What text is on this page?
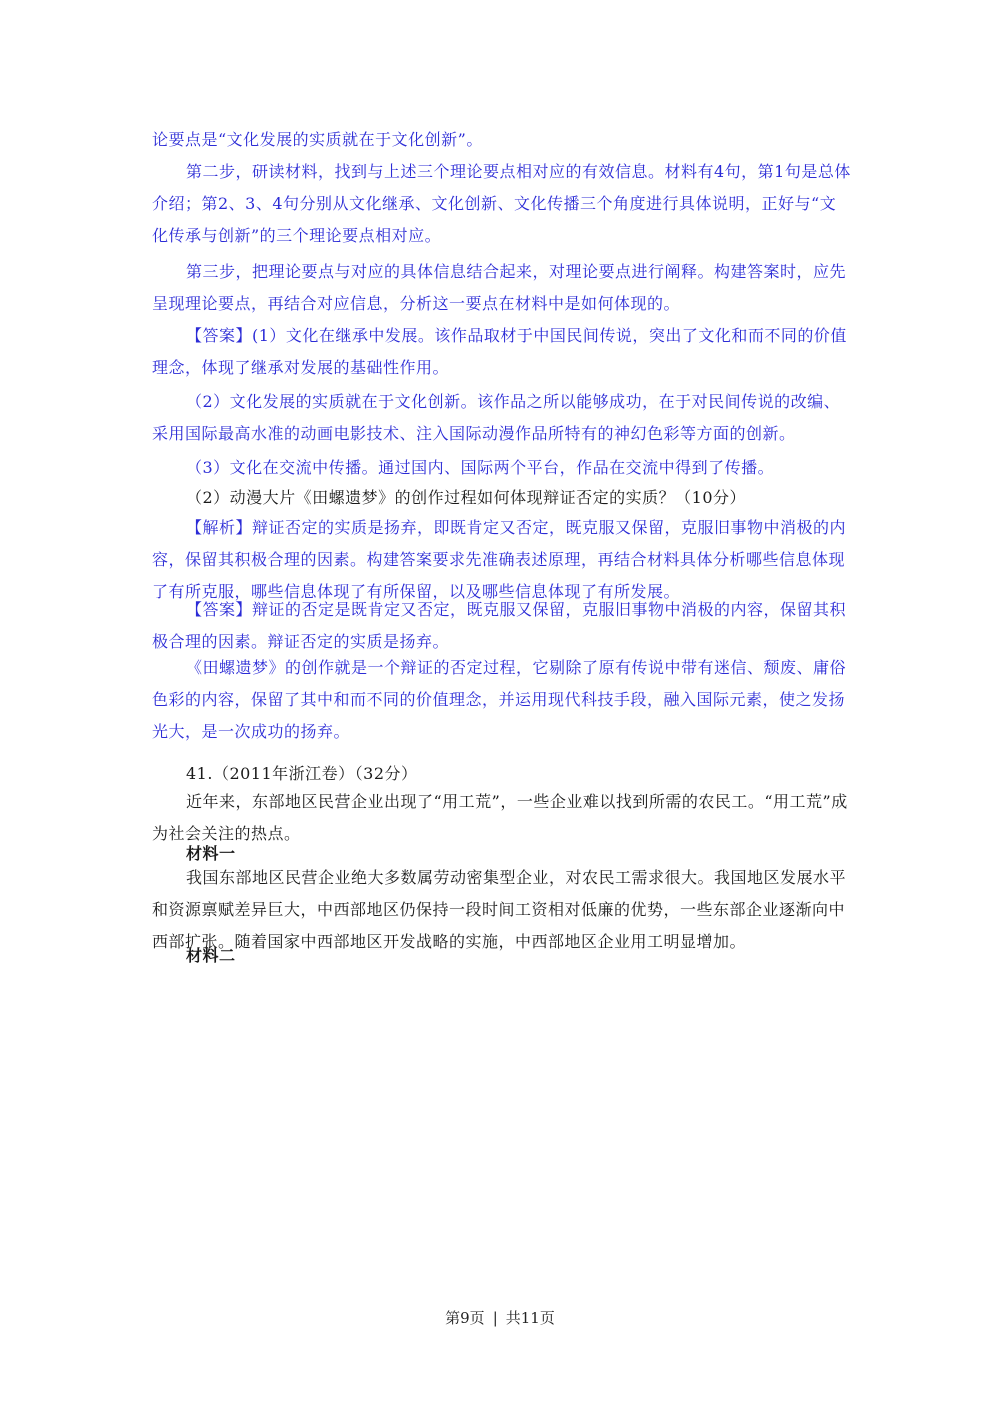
论要点是“文化发展的实质就在于文化创新”。

第二步，研读材料，找到与上述三个理论要点相对应的有效信息。材料有4句，第1句是总体介绍；第2、3、4句分别从文化继承、文化创新、文化传播三个角度进行具体说明，正好与“文化传承与创新”的三个理论要点相对应。

第三步，把理论要点与对应的具体信息结合起来，对理论要点进行阐释。构建答案时，应先呈现理论要点，再结合对应信息，分析这一要点在材料中是如何体现的。

【答案】(1）文化在继承中发展。该作品取材于中国民间传说，突出了文化和而不同的价值理念，体现了继承对发展的基础性作用。

（2）文化发展的实质就在于文化创新。该作品之所以能够成功，在于对民间传说的改编、采用国际最高水准的动画电影技术、注入国际动漫作品所特有的神幻色彩等方面的创新。

（3）文化在交流中传播。通过国内、国际两个平台，作品在交流中得到了传播。

（2）动漫大片《田螺遗梦》的创作过程如何体现辩证否定的实质？（10分）

【解析】辩证否定的实质是扬弃，即既肯定又否定，既克服又保留，克服旧事物中消极的内容，保留其积极合理的因素。构建答案要求先准确表述原理，再结合材料具体分析哪些信息体现了有所克服，哪些信息体现了有所保留，以及哪些信息体现了有所发展。

【答案】辩证的否定是既肯定又否定，既克服又保留，克服旧事物中消极的内容，保留其积极合理的因素。辩证否定的实质是扬弃。

《田螺遗梦》的创作就是一个辩证的否定过程，它剔除了原有传说中带有迷信、颓废、庸俗色彩的内容，保留了其中和而不同的价值理念，并运用现代科技手段，融入国际元素，使之发扬光大，是一次成功的扬弃。

41.（2011年浙江卷）（32分）

近年来，东部地区民营企业出现了“用工荒”，一些企业难以找到所需的农民工。“用工荒”成为社会关注的热点。

材料一

我国东部地区民营企业绝大多数属劳动密集型企业，对农民工需求很大。我国地区发展水平和资源禀赋差异巨大，中西部地区仍保持一段时间工资相对低廉的优势，一些东部企业逐渐向中西部扩张。随着国家中西部地区开发战略的实施，中西部地区企业用工明显增加。

材料二

第9页 | 共11页
